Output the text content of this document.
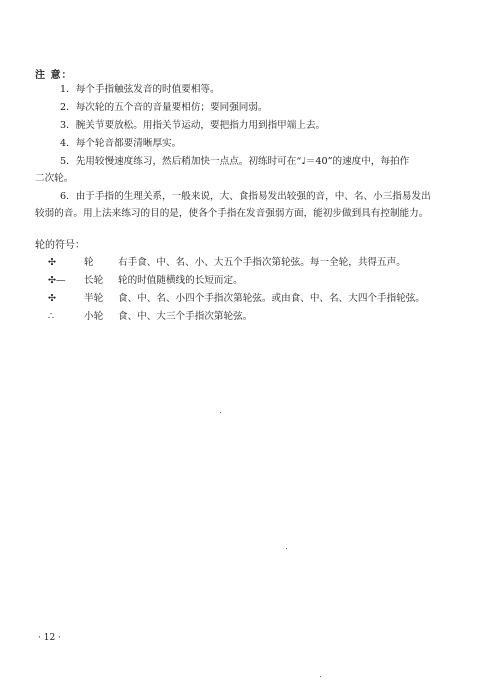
注 意：
1．每个手指触弦发音的时值要相等。
2．每次轮的五个音的音量要相仿；要同强同弱。
3．腕关节要放松。用指关节运动，要把指力用到指甲端上去。
4．每个轮音都要清晰厚实。
5．先用较慢速度练习，然后稍加快一点点。初练时可在“♩＝40”的速度中，每拍作
二次轮。
6．由于手指的生理关系，一般来说，大、食指易发出较强的音，中、名、小三指易发出
较弱的音。用上法来练习的目的是，使各个手指在发音强弱方面，能初步做到具有控制能力。
轮的符号：
✣	轮	右手食、中、名、小、大五个手指次第轮弦。每一全轮，共得五声。
✣— 长轮 轮的时值随横线的长短而定。
✣	半轮 食、中、名、小四个手指次第轮弦。或由食、中、名、大四个手指轮弦。
∴	小轮 食、中、大三个手指次第轮弦。
· 12 ·
